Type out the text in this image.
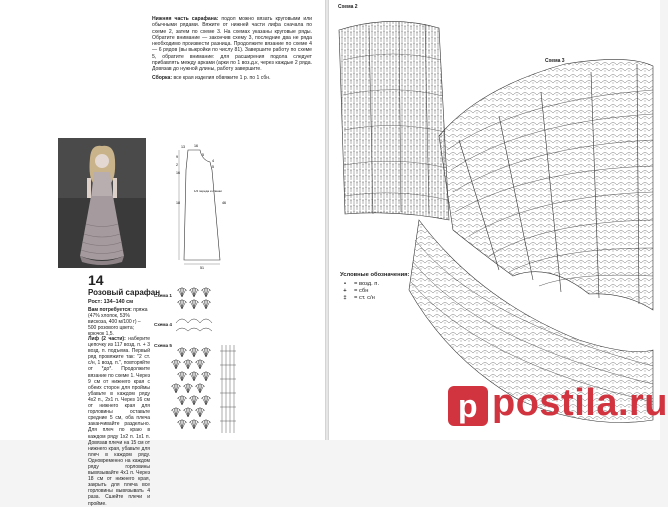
Нижняя часть сарафана: подол можно вязать круговыми или обычными рядами. Вяжите от нижней части лифа сначала по схеме 2, затем по схеме 3. На схемах указаны круговые ряды. Обратите внимание — закончив схему 3, последние два не ряда необходимо произвести разница. Продолжите вязание по схеме 4 — 6 рядов (вы выкройки по числу 81). Завершите работу по схеме 5, обратите внимание: для расширения подола следует прибавлять между арками (арки по 1 воз.д.к, через каждые 2 ряда. Довязав до нужной длины, работу завершите.

Сборка: все края изделия обвяжите 1 р. по 1 сбн.

14
Розовый сарафан
Рост: 134–140 см
Вам потребуется: пряжа (47% хлопок, 53% вискоза, 400 м/100 г) – 500 розового цвета; крючок 1,5.
Лиф (2 части): наберите цепочку из 117 возд. п. + 3 возд. п. подъема. Первый ряд провяжите так: "2 ст. с/н, 1 возд. п.", повторяйте от *до*. Продолжите вязание по схеме 1. Через 9 см от нижнего края с обеих сторон для проймы убавьте в каждом ряду 4х2 п., 2х1 п. Через 16 см от нижнего края для горловины оставьте средние 5 см, оба плеча заканчивайте раздельно. Для плеч по краю в каждом ряду 1х2 п. 1х1 п. Довязав плечи на 15 см от нижнего края, убавьте для плеч в каждом ряду. Одновременно на каждом ряду горловины вывязывайте 4x1 п. Через 18 см от нижнего края, закрыть для плеча все горловины вывязывать 4 раза. Сшейте плечи и пройме.
16
51
9
2
16
18	46
4
5
13
5
1/2 переда и спинки
Схема 1
Схема 4
Схема 5
Схема 2
Схема 3
Условные обозначения:
•	= возд. п.
+	= сбн
‡	= ст. с/н
p postila.ru
